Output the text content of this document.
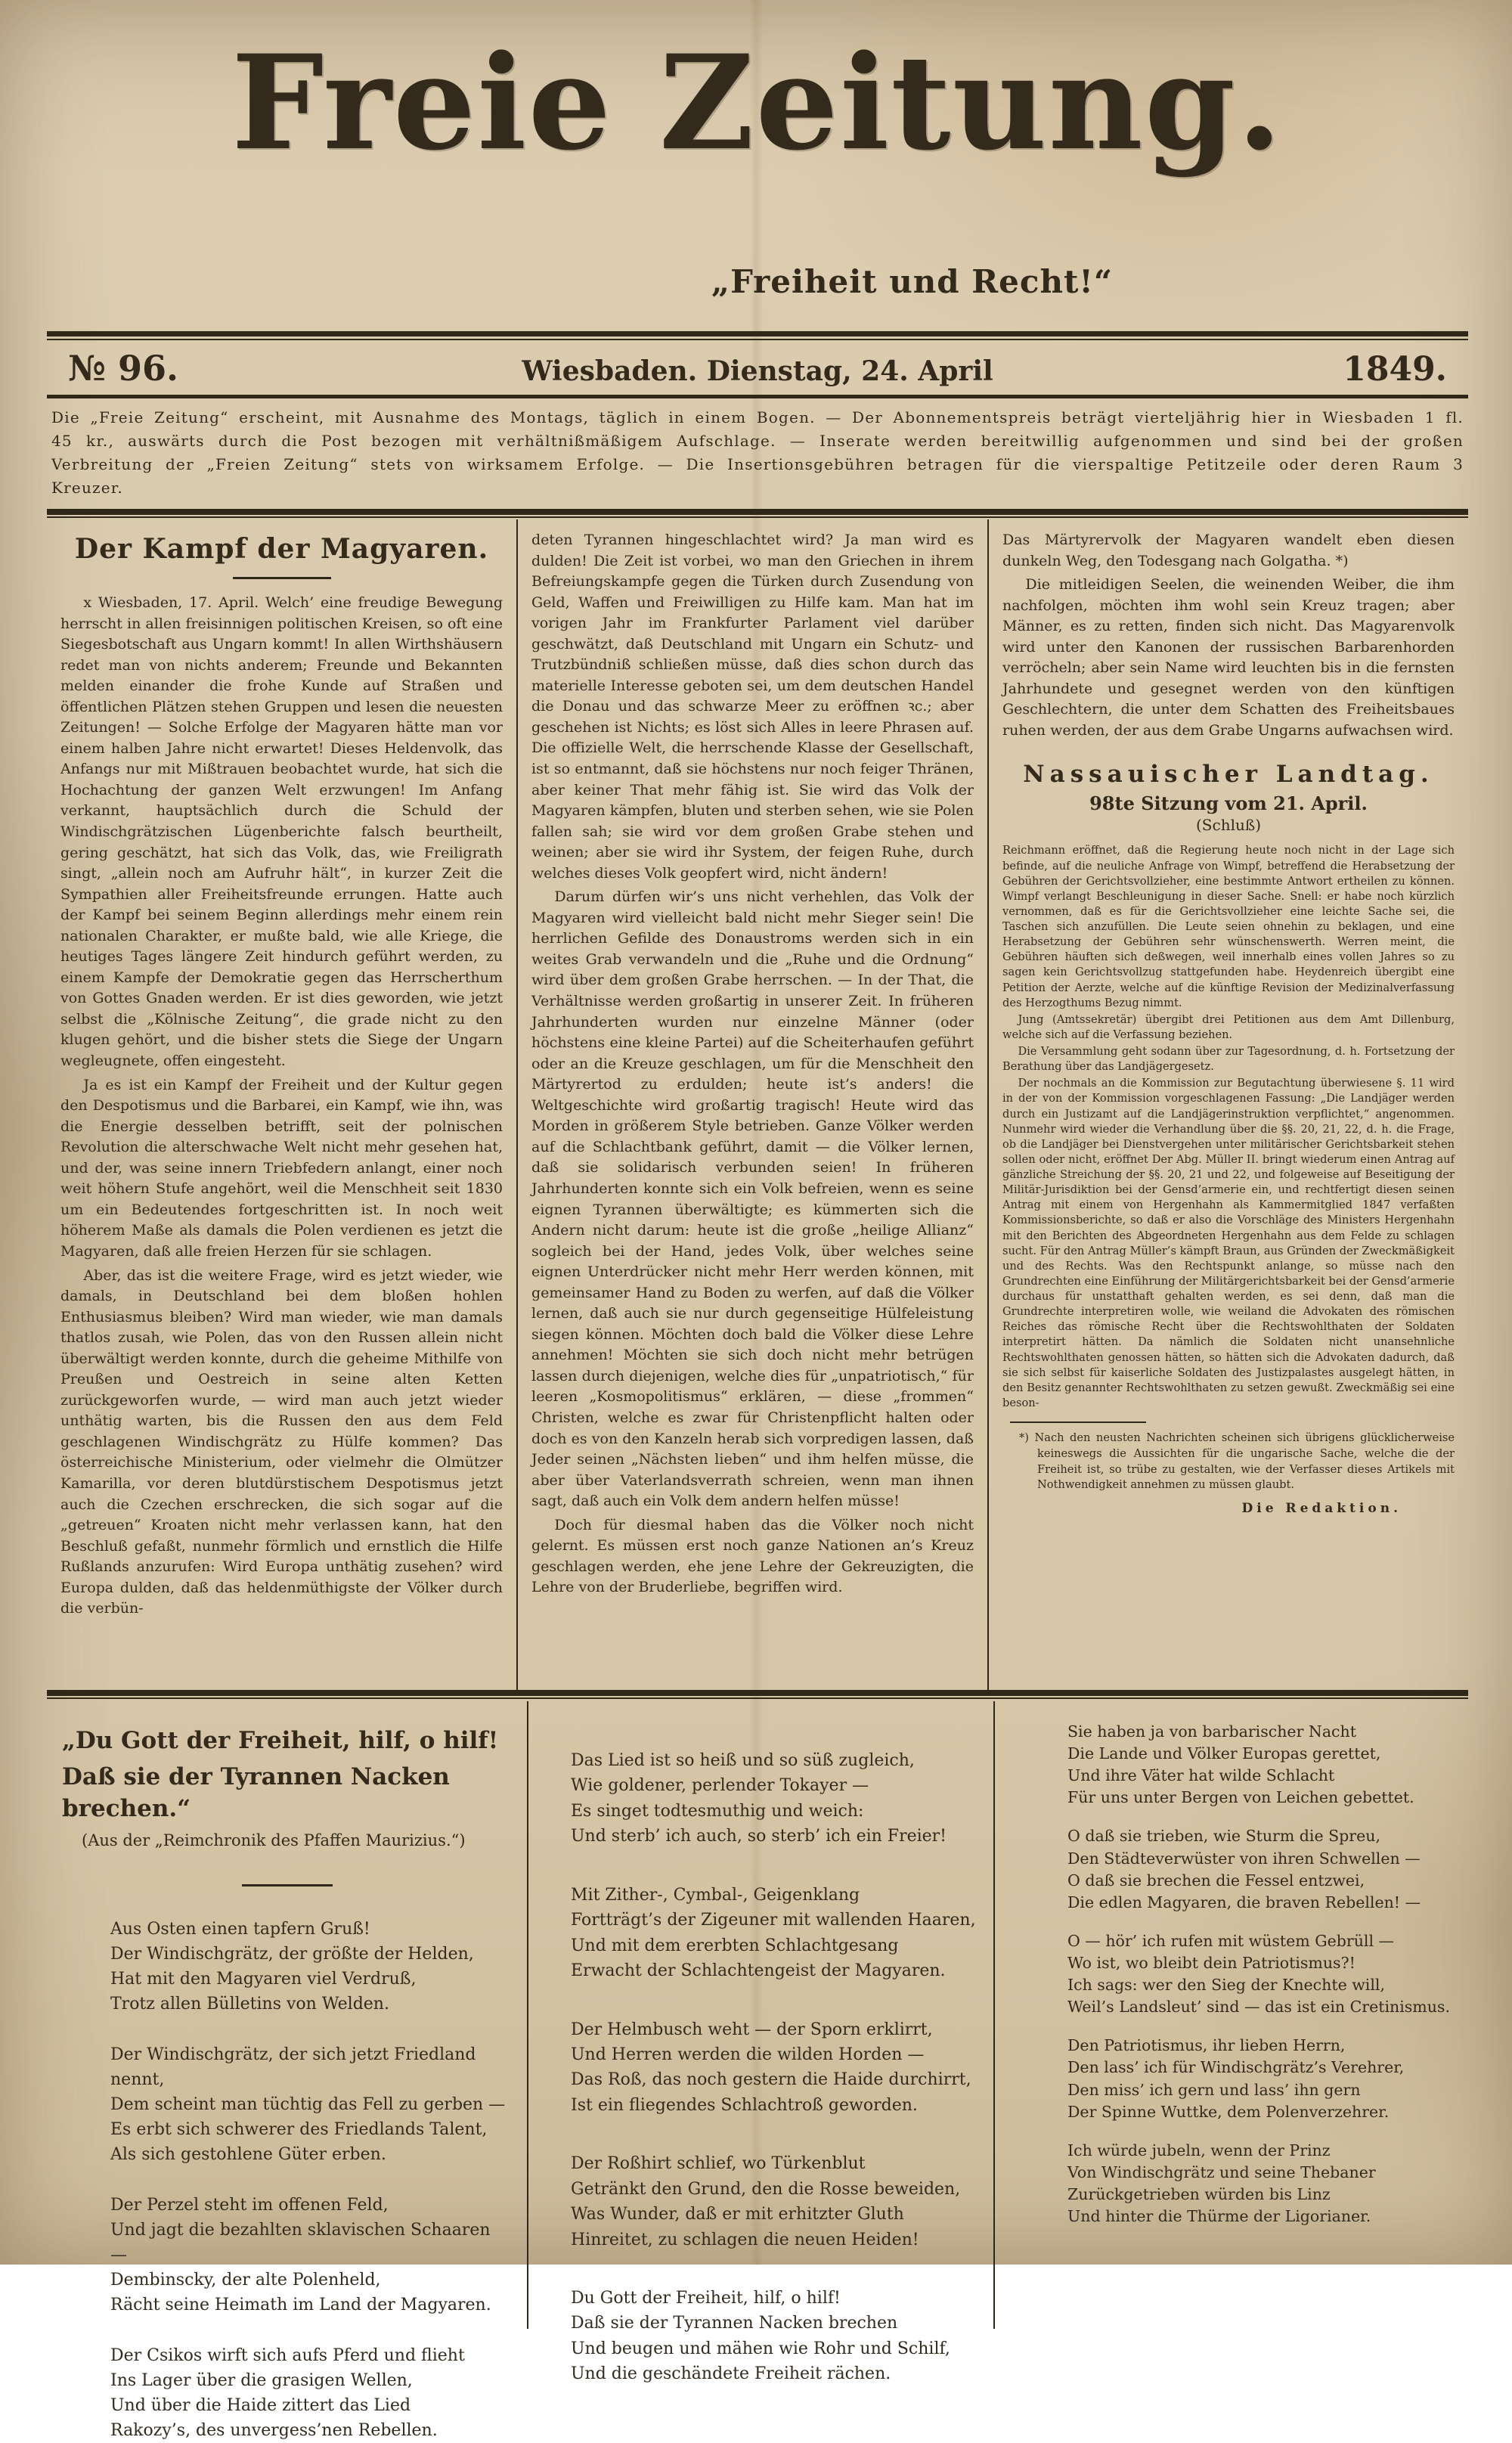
Freie Zeitung.
„Freiheit und Recht!“
№ 96.	Wiesbaden. Dienstag, 24. April	1849.

Die „Freie Zeitung“ erscheint, mit Ausnahme des Montags, täglich in einem Bogen. — Der Abonnementspreis beträgt vierteljährig hier in Wiesbaden 1 fl. 45 kr., auswärts durch die Post bezogen mit verhältnißmäßigem Aufschlage. — Inserate werden bereitwillig aufgenommen und sind bei der großen Verbreitung der „Freien Zeitung“ stets von wirksamem Erfolge. — Die Insertionsgebühren betragen für die vierspaltige Petitzeile oder deren Raum 3 Kreuzer.

Der Kampf der Magyaren.

x Wiesbaden, 17. April. Welch’ eine freudige Bewegung herrscht in allen freisinnigen politischen Kreisen, so oft eine Siegesbotschaft aus Ungarn kommt! In allen Wirthshäusern redet man von nichts anderem; Freunde und Bekannten melden einander die frohe Kunde auf Straßen und öffentlichen Plätzen stehen Gruppen und lesen die neuesten Zeitungen! — Solche Erfolge der Magyaren hätte man vor einem halben Jahre nicht erwartet! Dieses Heldenvolk, das Anfangs nur mit Mißtrauen beobachtet wurde, hat sich die Hochachtung der ganzen Welt erzwungen! Im Anfang verkannt, hauptsächlich durch die Schuld der Windischgrätzischen Lügenberichte falsch beurtheilt, gering geschätzt, hat sich das Volk, das, wie Freiligrath singt, „allein noch am Aufruhr hält“, in kurzer Zeit die Sympathien aller Freiheitsfreunde errungen. Hatte auch der Kampf bei seinem Beginn allerdings mehr einem rein nationalen Charakter, er mußte bald, wie alle Kriege, die heutiges Tages längere Zeit hindurch geführt werden, zu einem Kampfe der Demokratie gegen das Herrscherthum von Gottes Gnaden werden. Er ist dies geworden, wie jetzt selbst die „Kölnische Zeitung“, die grade nicht zu den klugen gehört, und die bisher stets die Siege der Ungarn wegleugnete, offen eingesteht.

Ja es ist ein Kampf der Freiheit und der Kultur gegen den Despotismus und die Barbarei, ein Kampf, wie ihn, was die Energie desselben betrifft, seit der polnischen Revolution die alterschwache Welt nicht mehr gesehen hat, und der, was seine innern Triebfedern anlangt, einer noch weit höhern Stufe angehört, weil die Menschheit seit 1830 um ein Bedeutendes fortgeschritten ist. In noch weit höherem Maße als damals die Polen verdienen es jetzt die Magyaren, daß alle freien Herzen für sie schlagen.

Aber, das ist die weitere Frage, wird es jetzt wieder, wie damals, in Deutschland bei dem bloßen hohlen Enthusiasmus bleiben? Wird man wieder, wie man damals thatlos zusah, wie Polen, das von den Russen allein nicht überwältigt werden konnte, durch die geheime Mithilfe von Preußen und Oestreich in seine alten Ketten zurückgeworfen wurde, — wird man auch jetzt wieder unthätig warten, bis die Russen den aus dem Feld geschlagenen Windischgrätz zu Hülfe kommen? Das österreichische Ministerium, oder vielmehr die Olmützer Kamarilla, vor deren blutdürstischem Despotismus jetzt auch die Czechen erschrecken, die sich sogar auf die „getreuen“ Kroaten nicht mehr verlassen kann, hat den Beschluß gefaßt, nunmehr förmlich und ernstlich die Hilfe Rußlands anzurufen: Wird Europa unthätig zusehen? wird Europa dulden, daß das heldenmüthigste der Völker durch die verbün-

deten Tyrannen hingeschlachtet wird? Ja man wird es dulden! Die Zeit ist vorbei, wo man den Griechen in ihrem Befreiungskampfe gegen die Türken durch Zusendung von Geld, Waffen und Freiwilligen zu Hilfe kam. Man hat im vorigen Jahr im Frankfurter Parlament viel darüber geschwätzt, daß Deutschland mit Ungarn ein Schutz- und Trutzbündniß schließen müsse, daß dies schon durch das materielle Interesse geboten sei, um dem deutschen Handel die Donau und das schwarze Meer zu eröffnen ꝛc.; aber geschehen ist Nichts; es löst sich Alles in leere Phrasen auf. Die offizielle Welt, die herrschende Klasse der Gesellschaft, ist so entmannt, daß sie höchstens nur noch feiger Thränen, aber keiner That mehr fähig ist. Sie wird das Volk der Magyaren kämpfen, bluten und sterben sehen, wie sie Polen fallen sah; sie wird vor dem großen Grabe stehen und weinen; aber sie wird ihr System, der feigen Ruhe, durch welches dieses Volk geopfert wird, nicht ändern!

Darum dürfen wir’s uns nicht verhehlen, das Volk der Magyaren wird vielleicht bald nicht mehr Sieger sein! Die herrlichen Gefilde des Donaustroms werden sich in ein weites Grab verwandeln und die „Ruhe und die Ordnung“ wird über dem großen Grabe herrschen. — In der That, die Verhältnisse werden großartig in unserer Zeit. In früheren Jahrhunderten wurden nur einzelne Männer (oder höchstens eine kleine Partei) auf die Scheiterhaufen geführt oder an die Kreuze geschlagen, um für die Menschheit den Märtyrertod zu erdulden; heute ist’s anders! die Weltgeschichte wird großartig tragisch! Heute wird das Morden in größerem Style betrieben. Ganze Völker werden auf die Schlachtbank geführt, damit — die Völker lernen, daß sie solidarisch verbunden seien! In früheren Jahrhunderten konnte sich ein Volk befreien, wenn es seine eignen Tyrannen überwältigte; es kümmerten sich die Andern nicht darum: heute ist die große „heilige Allianz“ sogleich bei der Hand, jedes Volk, über welches seine eignen Unterdrücker nicht mehr Herr werden können, mit gemeinsamer Hand zu Boden zu werfen, auf daß die Völker lernen, daß auch sie nur durch gegenseitige Hülfeleistung siegen können. Möchten doch bald die Völker diese Lehre annehmen! Möchten sie sich doch nicht mehr betrügen lassen durch diejenigen, welche dies für „unpatriotisch,“ für leeren „Kosmopolitismus“ erklären, — diese „frommen“ Christen, welche es zwar für Christenpflicht halten oder doch es von den Kanzeln herab sich vorpredigen lassen, daß Jeder seinen „Nächsten lieben“ und ihm helfen müsse, die aber über Vaterlandsverrath schreien, wenn man ihnen sagt, daß auch ein Volk dem andern helfen müsse!

Doch für diesmal haben das die Völker noch nicht gelernt. Es müssen erst noch ganze Nationen an’s Kreuz geschlagen werden, ehe jene Lehre der Gekreuzigten, die Lehre von der Bruderliebe, begriffen wird.

Das Märtyrervolk der Magyaren wandelt eben diesen dunkeln Weg, den Todesgang nach Golgatha. *)

Die mitleidigen Seelen, die weinenden Weiber, die ihm nachfolgen, möchten ihm wohl sein Kreuz tragen; aber Männer, es zu retten, finden sich nicht. Das Magyarenvolk wird unter den Kanonen der russischen Barbarenhorden verröcheln; aber sein Name wird leuchten bis in die fernsten Jahrhundete und gesegnet werden von den künftigen Geschlechtern, die unter dem Schatten des Freiheitsbaues ruhen werden, der aus dem Grabe Ungarns aufwachsen wird.

Nassauischer Landtag.
98te Sitzung vom 21. April.
(Schluß)

Reichmann eröffnet, daß die Regierung heute noch nicht in der Lage sich befinde, auf die neuliche Anfrage von Wimpf, betreffend die Herabsetzung der Gebühren der Gerichtsvollzieher, eine bestimmte Antwort ertheilen zu können. Wimpf verlangt Beschleunigung in dieser Sache. Snell: er habe noch kürzlich vernommen, daß es für die Gerichtsvollzieher eine leichte Sache sei, die Taschen sich anzufüllen. Die Leute seien ohnehin zu beklagen, und eine Herabsetzung der Gebühren sehr wünschenswerth. Werren meint, die Gebühren häuften sich deßwegen, weil innerhalb eines vollen Jahres so zu sagen kein Gerichtsvollzug stattgefunden habe. Heydenreich übergibt eine Petition der Aerzte, welche auf die künftige Revision der Medizinalverfassung des Herzogthums Bezug nimmt.

Jung (Amtssekretär) übergibt drei Petitionen aus dem Amt Dillenburg, welche sich auf die Verfassung beziehen.

Die Versammlung geht sodann über zur Tagesordnung, d. h. Fortsetzung der Berathung über das Landjägergesetz.

Der nochmals an die Kommission zur Begutachtung überwiesene §. 11 wird in der von der Kommission vorgeschlagenen Fassung: „Die Landjäger werden durch ein Justizamt auf die Landjägerinstruktion verpflichtet,“ angenommen. Nunmehr wird wieder die Verhandlung über die §§. 20, 21, 22, d. h. die Frage, ob die Landjäger bei Dienstvergehen unter militärischer Gerichtsbarkeit stehen sollen oder nicht, eröffnet Der Abg. Müller II. bringt wiederum einen Antrag auf gänzliche Streichung der §§. 20, 21 und 22, und folgeweise auf Beseitigung der Militär-Jurisdiktion bei der Gensd’armerie ein, und rechtfertigt diesen seinen Antrag mit einem von Hergenhahn als Kammermitglied 1847 verfaßten Kommissionsberichte, so daß er also die Vorschläge des Ministers Hergenhahn mit den Berichten des Abgeordneten Hergenhahn aus dem Felde zu schlagen sucht. Für den Antrag Müller’s kämpft Braun, aus Gründen der Zweckmäßigkeit und des Rechts. Was den Rechtspunkt anlange, so müsse nach den Grundrechten eine Einführung der Militärgerichtsbarkeit bei der Gensd’armerie durchaus für unstatthaft gehalten werden, es sei denn, daß man die Grundrechte interpretiren wolle, wie weiland die Advokaten des römischen Reiches das römische Recht über die Rechtswohlthaten der Soldaten interpretirt hätten. Da nämlich die Soldaten nicht unansehnliche Rechtswohlthaten genossen hätten, so hätten sich die Advokaten dadurch, daß sie sich selbst für kaiserliche Soldaten des Justizpalastes ausgelegt hätten, in den Besitz genannter Rechtswohlthaten zu setzen gewußt. Zweckmäßig sei eine beson-

*) Nach den neusten Nachrichten scheinen sich übrigens glücklicherweise keineswegs die Aussichten für die ungarische Sache, welche die der Freiheit ist, so trübe zu gestalten, wie der Verfasser dieses Artikels mit Nothwendigkeit annehmen zu müssen glaubt.
Die Redaktion.
„Du Gott der Freiheit, hilf, o hilf!
Daß sie der Tyrannen Nacken brechen.“
(Aus der „Reimchronik des Pfaffen Maurizius.“)
Aus Osten einen tapfern Gruß!
Der Windischgrätz, der größte der Helden,
Hat mit den Magyaren viel Verdruß,
Trotz allen Bülletins von Welden.
Der Windischgrätz, der sich jetzt Friedland nennt,
Dem scheint man tüchtig das Fell zu gerben —
Es erbt sich schwerer des Friedlands Talent,
Als sich gestohlene Güter erben.
Der Perzel steht im offenen Feld,
Und jagt die bezahlten sklavischen Schaaren —
Dembinscky, der alte Polenheld,
Rächt seine Heimath im Land der Magyaren.
Der Csikos wirft sich aufs Pferd und flieht
Ins Lager über die grasigen Wellen,
Und über die Haide zittert das Lied
Rakozy’s, des unvergess’nen Rebellen.
Das Lied ist so heiß und so süß zugleich,
Wie goldener, perlender Tokayer —
Es singet todtesmuthig und weich:
Und sterb’ ich auch, so sterb’ ich ein Freier!
Mit Zither-, Cymbal-, Geigenklang
Fortträgt’s der Zigeuner mit wallenden Haaren,
Und mit dem ererbten Schlachtgesang
Erwacht der Schlachtengeist der Magyaren.
Der Helmbusch weht — der Sporn erklirrt,
Und Herren werden die wilden Horden —
Das Roß, das noch gestern die Haide durchirrt,
Ist ein fliegendes Schlachtroß geworden.
Der Roßhirt schlief, wo Türkenblut
Getränkt den Grund, den die Rosse beweiden,
Was Wunder, daß er mit erhitzter Gluth
Hinreitet, zu schlagen die neuen Heiden!
Du Gott der Freiheit, hilf, o hilf!
Daß sie der Tyrannen Nacken brechen
Und beugen und mähen wie Rohr und Schilf,
Und die geschändete Freiheit rächen.
Sie haben ja von barbarischer Nacht
Die Lande und Völker Europas gerettet,
Und ihre Väter hat wilde Schlacht
Für uns unter Bergen von Leichen gebettet.
O daß sie trieben, wie Sturm die Spreu,
Den Städteverwüster von ihren Schwellen —
O daß sie brechen die Fessel entzwei,
Die edlen Magyaren, die braven Rebellen! —
O — hör’ ich rufen mit wüstem Gebrüll —
Wo ist, wo bleibt dein Patriotismus?!
Ich sags: wer den Sieg der Knechte will,
Weil’s Landsleut’ sind — das ist ein Cretinismus.
Den Patriotismus, ihr lieben Herrn,
Den lass’ ich für Windischgrätz’s Verehrer,
Den miss’ ich gern und lass’ ihn gern
Der Spinne Wuttke, dem Polenverzehrer.
Ich würde jubeln, wenn der Prinz
Von Windischgrätz und seine Thebaner
Zurückgetrieben würden bis Linz
Und hinter die Thürme der Ligorianer.
